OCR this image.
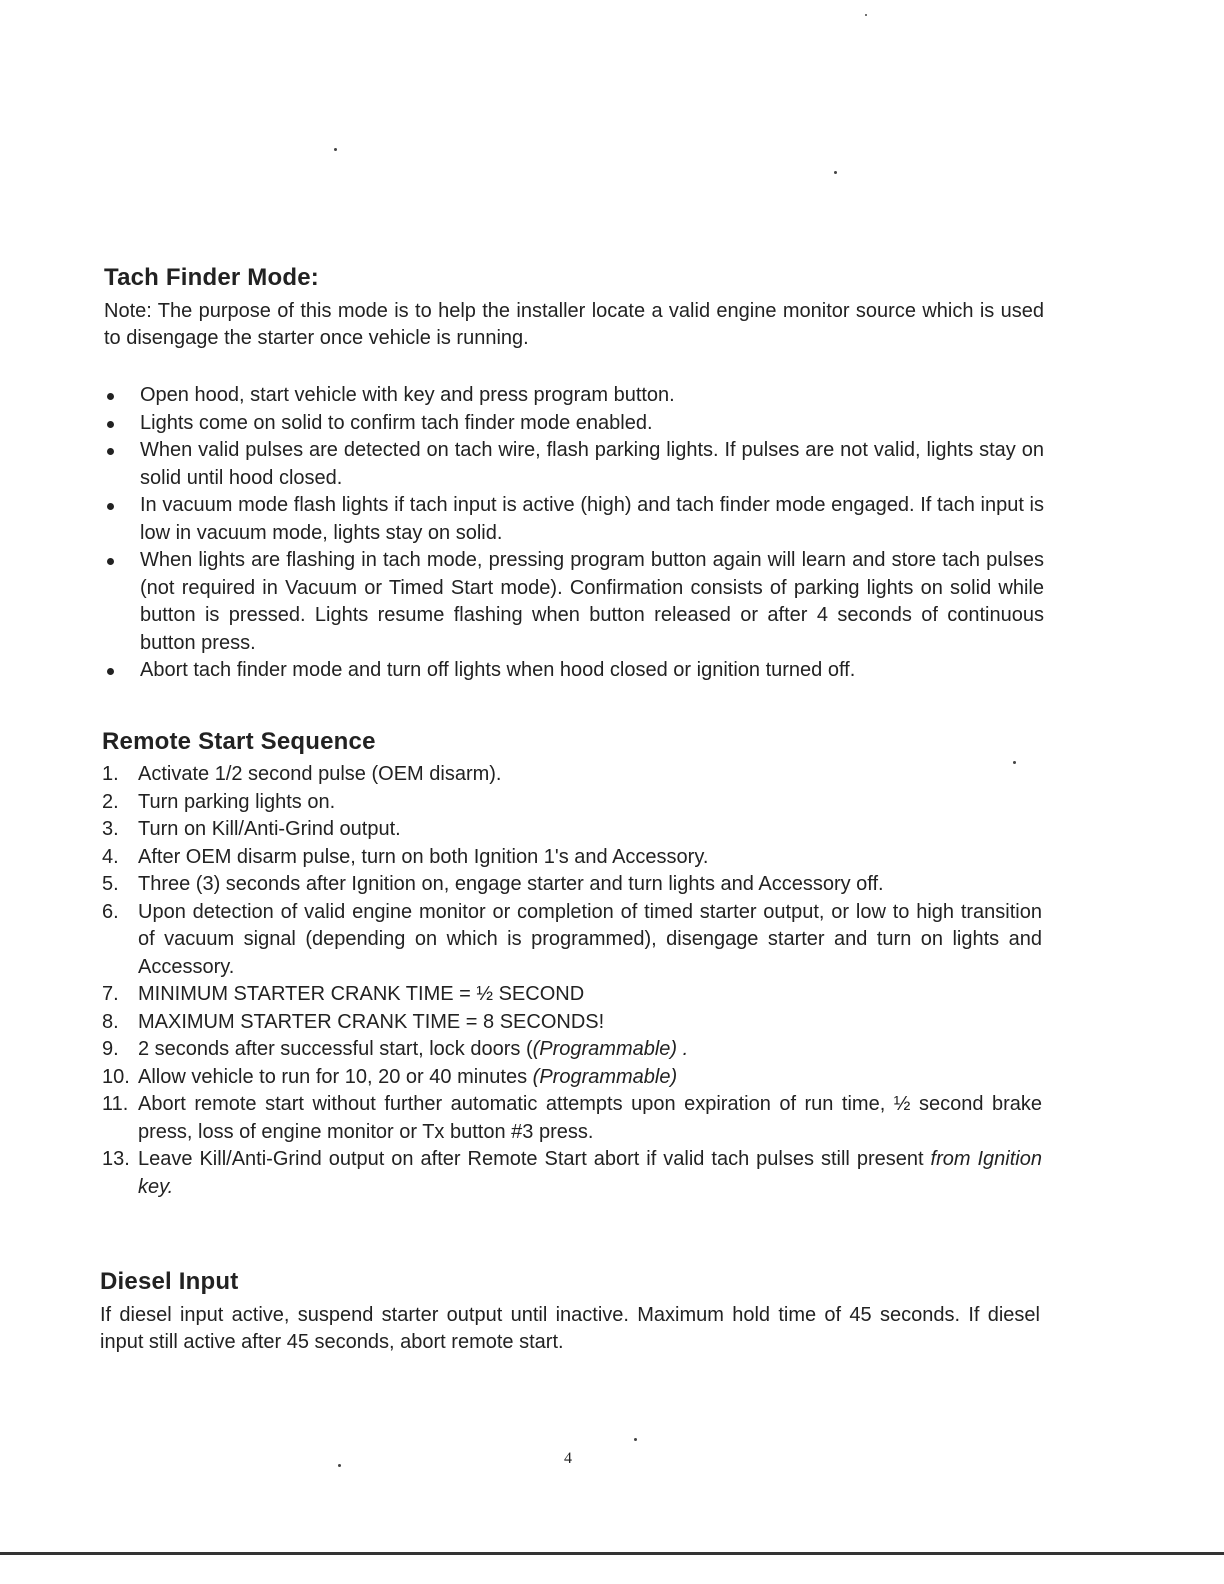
Tach Finder Mode:

Note: The purpose of this mode is to help the installer locate a valid engine monitor source which is used to disengage the starter once vehicle is running.

Open hood, start vehicle with key and press program button.
Lights come on solid to confirm tach finder mode enabled.
When valid pulses are detected on tach wire, flash parking lights. If pulses are not valid, lights stay on solid until hood closed.
In vacuum mode flash lights if tach input is active (high) and tach finder mode engaged. If tach input is low in vacuum mode, lights stay on solid.
When lights are flashing in tach mode, pressing program button again will learn and store tach pulses (not required in Vacuum or Timed Start mode). Confirmation consists of parking lights on solid while button is pressed. Lights resume flashing when button released or after 4 seconds of continuous button press.
Abort tach finder mode and turn off lights when hood closed or ignition turned off.
Remote Start Sequence
1. Activate 1/2 second pulse (OEM disarm).
2. Turn parking lights on.
3. Turn on Kill/Anti-Grind output.
4. After OEM disarm pulse, turn on both Ignition 1's and Accessory.
5. Three (3) seconds after Ignition on, engage starter and turn lights and Accessory off.
6. Upon detection of valid engine monitor or completion of timed starter output, or low to high transition of vacuum signal (depending on which is programmed), disengage starter and turn on lights and Accessory.
7. MINIMUM STARTER CRANK TIME = ½ SECOND
8. MAXIMUM STARTER CRANK TIME = 8 SECONDS!
9. 2 seconds after successful start, lock doors ((Programmable) .
10. Allow vehicle to run for 10, 20 or 40 minutes (Programmable)
11. Abort remote start without further automatic attempts upon expiration of run time, ½ second brake press, loss of engine monitor or Tx button #3 press.
13. Leave Kill/Anti-Grind output on after Remote Start abort if valid tach pulses still present from Ignition key.
Diesel Input

If diesel input active, suspend starter output until inactive. Maximum hold time of 45 seconds. If diesel input still active after 45 seconds, abort remote start.

4
